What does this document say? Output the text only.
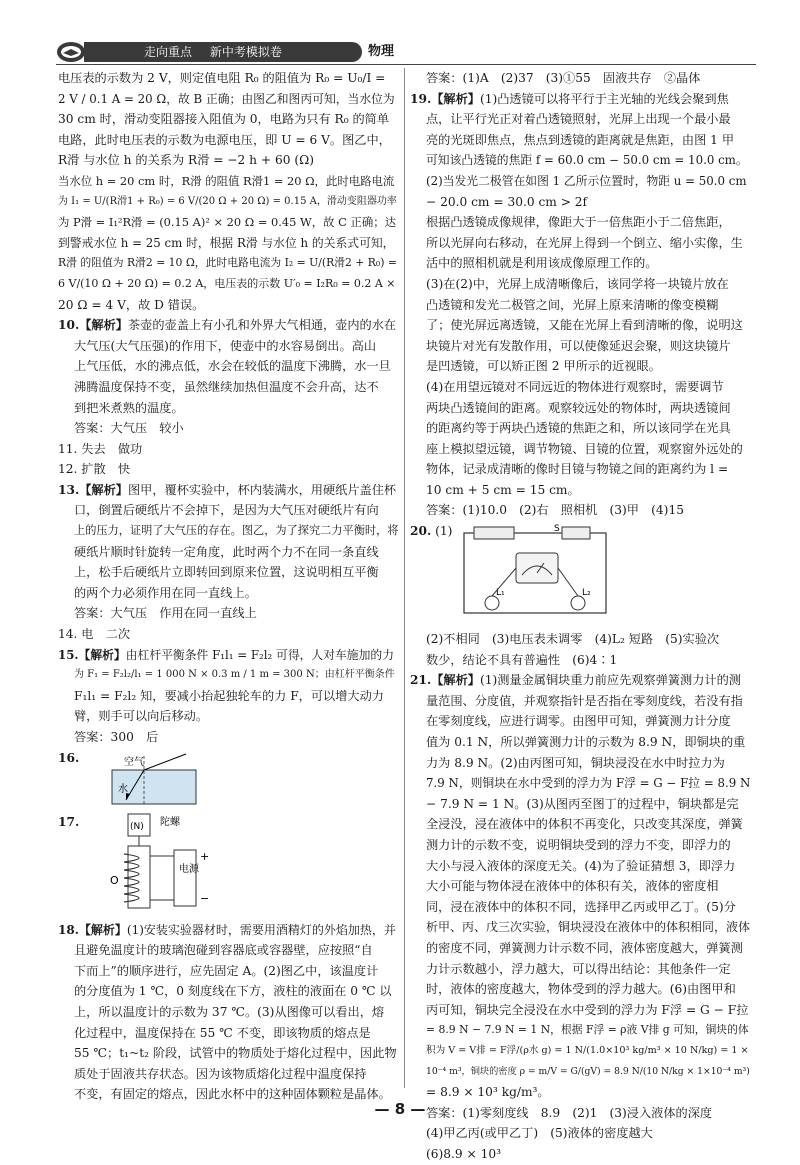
走向重点 新中考模拟卷	物理

电压表的示数为 2 V，则定值电阻 R₀ 的阻值为 R₀ = U₀/I =

2 V / 0.1 A = 20 Ω，故 B 正确；由图乙和图丙可知，当水位为

30 cm 时，滑动变阻器接入阻值为 0，电路为只有 R₀ 的简单

电路，此时电压表的示数为电源电压，即 U = 6 V。图乙中，

R滑 与水位 h 的关系为 R滑 = −2 h + 60 (Ω)

当水位 h = 20 cm 时，R滑 的阻值 R滑1 = 20 Ω，此时电路电流

为 I₁ = U/(R滑1 + R₀) = 6 V/(20 Ω + 20 Ω) = 0.15 A，滑动变阻器功率

为 P滑 = I₁²R滑 = (0.15 A)² × 20 Ω = 0.45 W，故 C 正确；达

到警戒水位 h = 25 cm 时，根据 R滑 与水位 h 的关系式可知，

R滑 的阻值为 R滑2 = 10 Ω，此时电路电流为 I₂ = U/(R滑2 + R₀) =

6 V/(10 Ω + 20 Ω) = 0.2 A，电压表的示数 U′₀ = I₂R₀ = 0.2 A ×

20 Ω = 4 V，故 D 错误。

10.【解析】茶壶的壶盖上有小孔和外界大气相通，壶内的水在

大气压(大气压强)的作用下，使壶中的水容易倒出。高山

上气压低，水的沸点低，水会在较低的温度下沸腾，水一旦

沸腾温度保持不变，虽然继续加热但温度不会升高，达不

到把米煮熟的温度。

答案：大气压　较小

11. 失去　做功

12. 扩散　快

13.【解析】图甲，覆杯实验中，杯内装满水，用硬纸片盖住杯

口，倒置后硬纸片不会掉下，是因为大气压对硬纸片有向

上的压力，证明了大气压的存在。图乙，为了探究二力平衡时，将

硬纸片顺时针旋转一定角度，此时两个力不在同一条直线

上，松手后硬纸片立即转回到原来位置，这说明相互平衡

的两个力必须作用在同一直线上。

答案：大气压　作用在同一直线上

14. 电　二次

15.【解析】由杠杆平衡条件 F₁l₁ = F₂l₂ 可得，人对车施加的力

为 F₁ = F₂l₂/l₁ = 1 000 N × 0.3 m / 1 m = 300 N；由杠杆平衡条件

F₁l₁ = F₂l₂ 知，要减小抬起独轮车的力 F，可以增大动力

臂，则手可以向后移动。

答案：300　后

16.	空气
水
17.	(N) 陀螺
电源
+
−
O

18.【解析】(1)安装实验器材时，需要用酒精灯的外焰加热，并

且避免温度计的玻璃泡碰到容器底或容器壁，应按照“自

下而上”的顺序进行，应先固定 A。(2)图乙中，该温度计

的分度值为 1 ℃，0 刻度线在下方，液柱的液面在 0 ℃ 以

上，所以温度计的示数为 37 ℃。(3)从图像可以看出，熔

化过程中，温度保持在 55 ℃ 不变，即该物质的熔点是

55 ℃；t₁~t₂ 阶段，试管中的物质处于熔化过程中，因此物

质处于固液共存状态。因为该物质熔化过程中温度保持

不变，有固定的熔点，因此水杯中的这种固体颗粒是晶体。

答案：(1)A　(2)37　(3)①55　固液共存　②晶体

19.【解析】(1)凸透镜可以将平行于主光轴的光线会聚到焦

点，让平行光正对着凸透镜照射，光屏上出现一个最小最

亮的光斑即焦点，焦点到透镜的距离就是焦距，由图 1 甲

可知该凸透镜的焦距 f = 60.0 cm − 50.0 cm = 10.0 cm。

(2)当发光二极管在如图 1 乙所示位置时，物距 u = 50.0 cm

− 20.0 cm = 30.0 cm > 2f

根据凸透镜成像规律，像距大于一倍焦距小于二倍焦距，

所以光屏向右移动，在光屏上得到一个倒立、缩小实像，生

活中的照相机就是利用该成像原理工作的。

(3)在(2)中，光屏上成清晰像后，该同学将一块镜片放在

凸透镜和发光二极管之间，光屏上原来清晰的像变模糊

了；使光屏远离透镜，又能在光屏上看到清晰的像，说明这

块镜片对光有发散作用，可以使像延迟会聚，则这块镜片

是凹透镜，可以矫正图 2 甲所示的近视眼。

(4)在用望远镜对不同远近的物体进行观察时，需要调节

两块凸透镜间的距离。观察较远处的物体时，两块透镜间

的距离约等于两块凸透镜的焦距之和，所以该同学在光具

座上模拟望远镜，调节物镜、目镜的位置，观察窗外远处的

物体，记录成清晰的像时目镜与物镜之间的距离约为 l =

10 cm + 5 cm = 15 cm。

答案：(1)10.0　(2)右　照相机　(3)甲　(4)15

20. (1)	S
L₁	L₂

(2)不相同　(3)电压表未调零　(4)L₂ 短路　(5)实验次

数少，结论不具有普遍性　(6)4∶1

21.【解析】(1)测量金属铜块重力前应先观察弹簧测力计的测

量范围、分度值，并观察指针是否指在零刻度线，若没有指

在零刻度线，应进行调零。由图甲可知，弹簧测力计分度

值为 0.1 N，所以弹簧测力计的示数为 8.9 N，即铜块的重

力为 8.9 N。(2)由丙图可知，铜块浸没在水中时拉力为

7.9 N，则铜块在水中受到的浮力为 F浮 = G − F拉 = 8.9 N

− 7.9 N = 1 N。(3)从图丙至图丁的过程中，铜块都是完

全浸没，浸在液体中的体积不再变化，只改变其深度，弹簧

测力计的示数不变，说明铜块受到的浮力不变，即浮力的

大小与浸入液体的深度无关。(4)为了验证猜想 3，即浮力

大小可能与物体浸在液体中的体积有关，液体的密度相

同，浸在液体中的体积不同，选择甲乙丙或甲乙丁。(5)分

析甲、丙、戊三次实验，铜块浸没在液体中的体积相同，液体

的密度不同，弹簧测力计示数不同，液体密度越大，弹簧测

力计示数越小，浮力越大，可以得出结论：其他条件一定

时，液体的密度越大，物体受到的浮力越大。(6)由图甲和

丙可知，铜块完全浸没在水中受到的浮力为 F浮 = G − F拉

= 8.9 N − 7.9 N = 1 N，根据 F浮 = ρ液 V排 g 可知，铜块的体

积为 V = V排 = F浮/(ρ水 g) = 1 N/(1.0×10³ kg/m³ × 10 N/kg) = 1 ×

10⁻⁴ m³，铜块的密度 ρ = m/V = G/(gV) = 8.9 N/(10 N/kg × 1×10⁻⁴ m³)

= 8.9 × 10³ kg/m³。

答案：(1)零刻度线　8.9　(2)1　(3)浸入液体的深度

(4)甲乙丙(或甲乙丁)　(5)液体的密度越大

(6)8.9 × 10³

— 8 —
